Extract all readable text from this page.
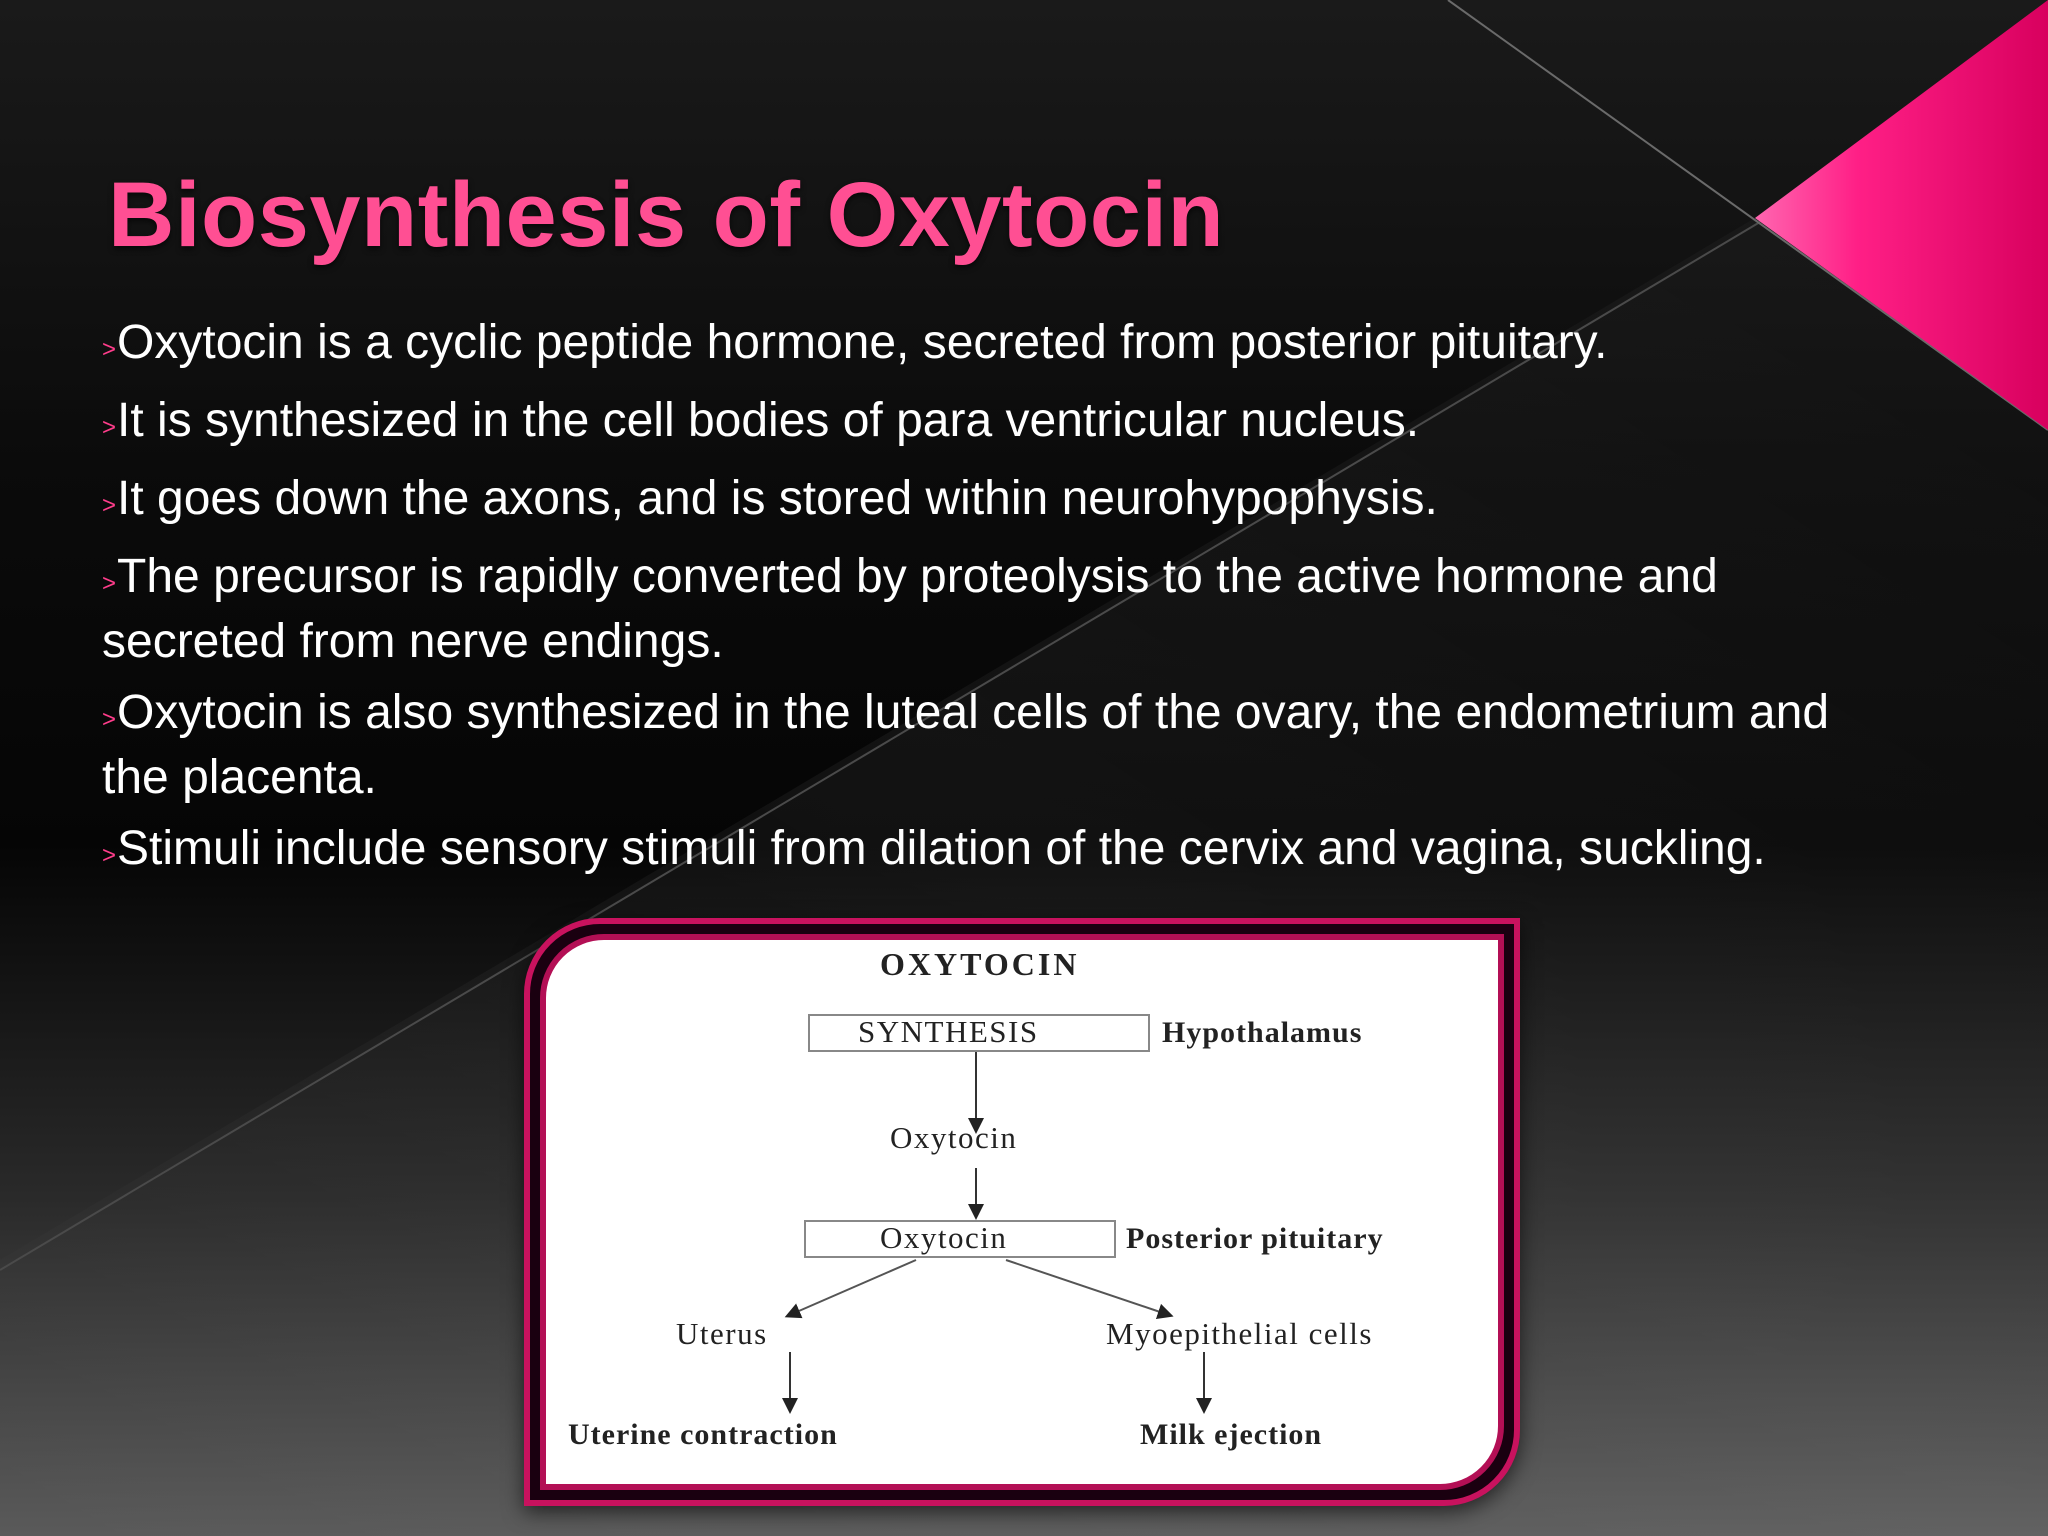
Biosynthesis of Oxytocin
>Oxytocin is a cyclic peptide hormone, secreted from posterior pituitary.
>It is synthesized in the cell bodies of para ventricular nucleus.
>It goes down the axons, and is stored within neurohypophysis.
>The precursor is rapidly converted by proteolysis to the active hormone and secreted from nerve endings.
>Oxytocin is also synthesized in the luteal cells of the ovary, the endometrium and the placenta.
>Stimuli include sensory stimuli from dilation of the cervix and vagina, suckling.
OXYTOCIN
SYNTHESIS	Hypothalamus
Oxytocin
Oxytocin	Posterior pituitary
Uterus	Myoepithelial cells
Uterine contraction	Milk ejection
